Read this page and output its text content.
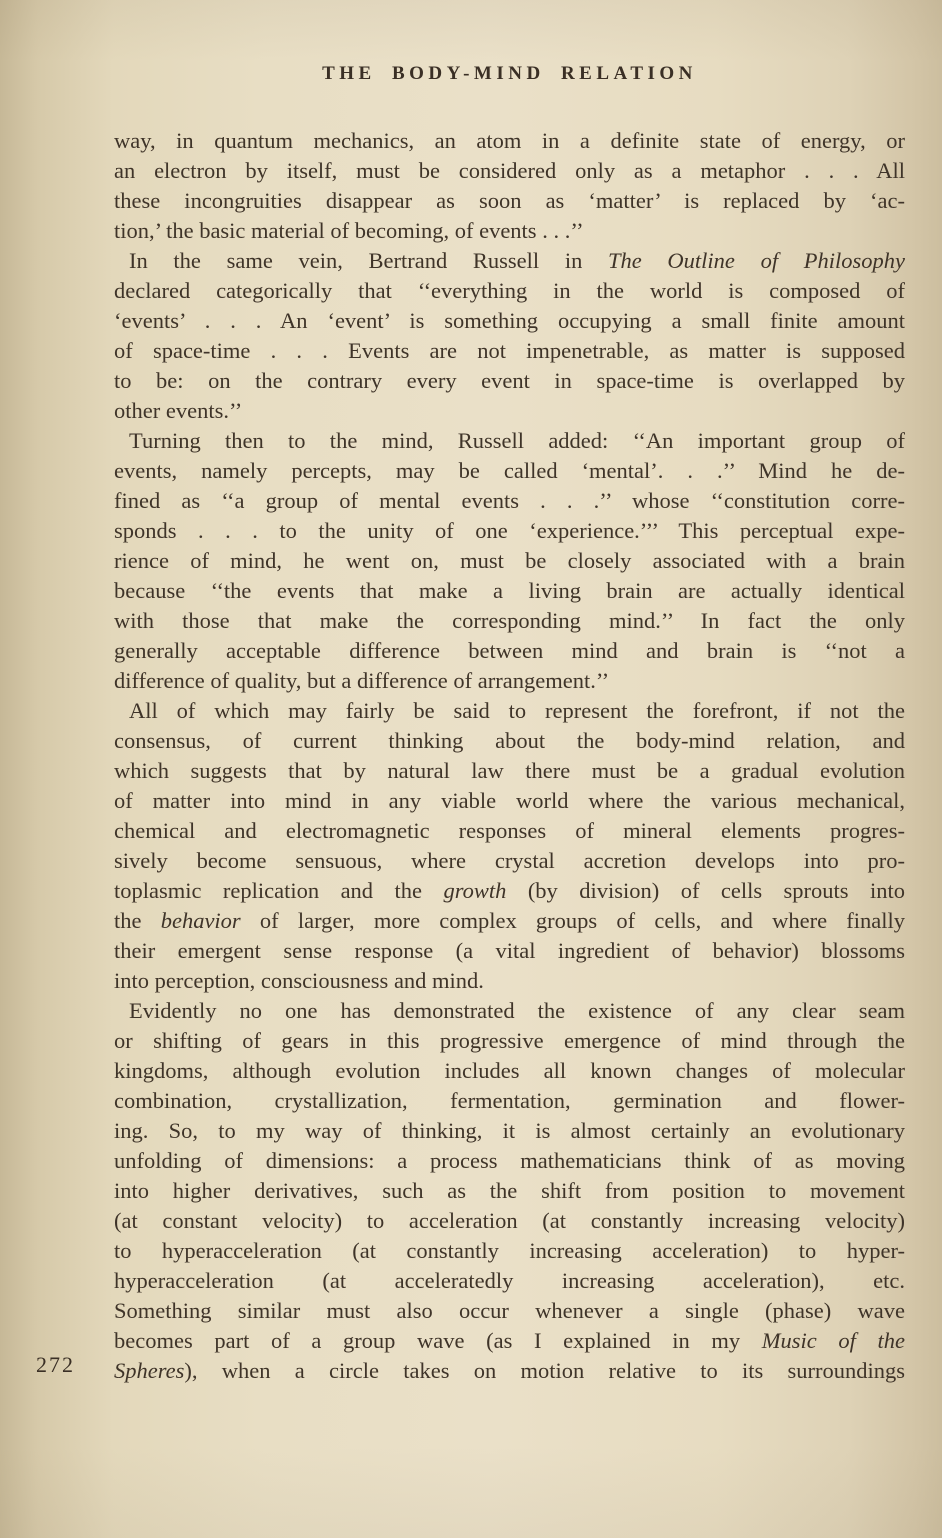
THE BODY-MIND RELATION
way, in quantum mechanics, an atom in a definite state of energy, or
an electron by itself, must be considered only as a metaphor . . . All
these incongruities disappear as soon as ‘matter’ is replaced by ‘ac-
tion,’ the basic material of becoming, of events . . .’’
In the same vein, Bertrand Russell in The Outline of Philosophy
declared categorically that ‘‘everything in the world is composed of
‘events’ . . . An ‘event’ is something occupying a small finite amount
of space-time . . . Events are not impenetrable, as matter is supposed
to be: on the contrary every event in space-time is overlapped by
other events.’’
Turning then to the mind, Russell added: ‘‘An important group of
events, namely percepts, may be called ‘mental’. . .’’ Mind he de-
fined as ‘‘a group of mental events . . .’’ whose ‘‘constitution corre-
sponds . . . to the unity of one ‘experience.’’’ This perceptual expe-
rience of mind, he went on, must be closely associated with a brain
because ‘‘the events that make a living brain are actually identical
with those that make the corresponding mind.’’ In fact the only
generally acceptable difference between mind and brain is ‘‘not a
difference of quality, but a difference of arrangement.’’
All of which may fairly be said to represent the forefront, if not the
consensus, of current thinking about the body-mind relation, and
which suggests that by natural law there must be a gradual evolution
of matter into mind in any viable world where the various mechanical,
chemical and electromagnetic responses of mineral elements progres-
sively become sensuous, where crystal accretion develops into pro-
toplasmic replication and the growth (by division) of cells sprouts into
the behavior of larger, more complex groups of cells, and where finally
their emergent sense response (a vital ingredient of behavior) blossoms
into perception, consciousness and mind.
Evidently no one has demonstrated the existence of any clear seam
or shifting of gears in this progressive emergence of mind through the
kingdoms, although evolution includes all known changes of molecular
combination, crystallization, fermentation, germination and flower-
ing. So, to my way of thinking, it is almost certainly an evolutionary
unfolding of dimensions: a process mathematicians think of as moving
into higher derivatives, such as the shift from position to movement
(at constant velocity) to acceleration (at constantly increasing velocity)
to hyperacceleration (at constantly increasing acceleration) to hyper-
hyperacceleration (at acceleratedly increasing acceleration), etc.
Something similar must also occur whenever a single (phase) wave
becomes part of a group wave (as I explained in my Music of the
Spheres), when a circle takes on motion relative to its surroundings
272
